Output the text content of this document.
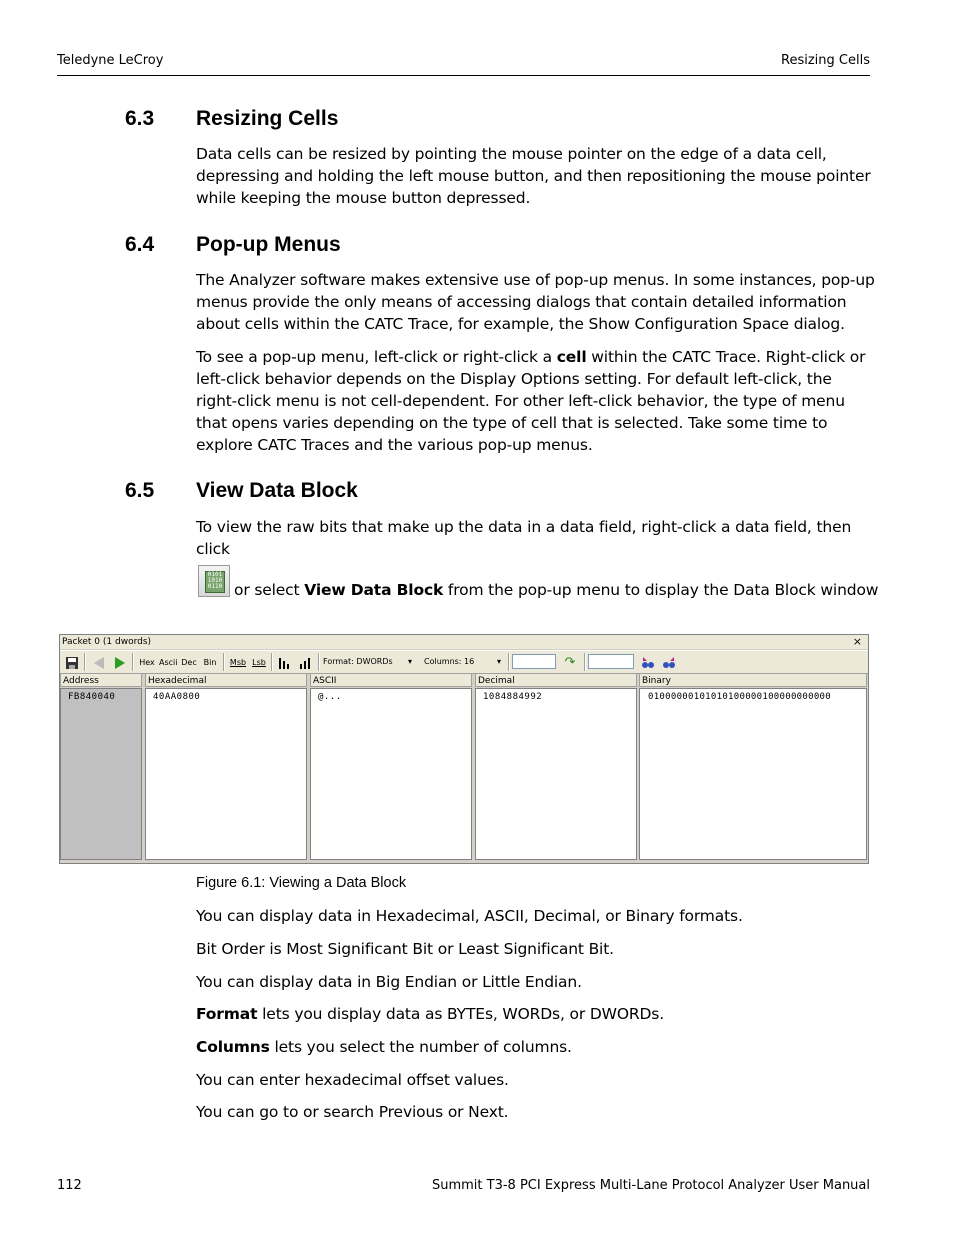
Teledyne LeCroy	Resizing Cells
6.3 Resizing Cells
Data cells can be resized by pointing the mouse pointer on the edge of a data cell, depressing and holding the left mouse button, and then repositioning the mouse pointer while keeping the mouse button depressed.
6.4 Pop-up Menus
The Analyzer software makes extensive use of pop-up menus. In some instances, pop-up menus provide the only means of accessing dialogs that contain detailed information about cells within the CATC Trace, for example, the Show Configuration Space dialog.
To see a pop-up menu, left-click or right-click a cell within the CATC Trace. Right-click or left-click behavior depends on the Display Options setting. For default left-click, the right-click menu is not cell-dependent. For other left-click behavior, the type of menu that opens varies depending on the type of cell that is selected. Take some time to explore CATC Traces and the various pop-up menus.
6.5 View Data Block
To view the raw bits that make up the data in a data field, right-click a data field, then click
0101
1010
0110 or select View Data Block from the pop-up menu to display the Data Block window
Packet 0 (1 dwords)	×
Hex Ascii Dec Bin	Msb Lsb	Format: DWORDs	▾ Columns: 16	▾	↷
Address	Hexadecimal	ASCII	Decimal	Binary
FB840040	40AA0800	@...	1084884992	01000000101010100000100000000000
Figure 6.1: Viewing a Data Block
You can display data in Hexadecimal, ASCII, Decimal, or Binary formats.
Bit Order is Most Significant Bit or Least Significant Bit.
You can display data in Big Endian or Little Endian.
Format lets you display data as BYTEs, WORDs, or DWORDs.
Columns lets you select the number of columns.
You can enter hexadecimal offset values.
You can go to or search Previous or Next.
112	Summit T3-8 PCI Express Multi-Lane Protocol Analyzer User Manual
